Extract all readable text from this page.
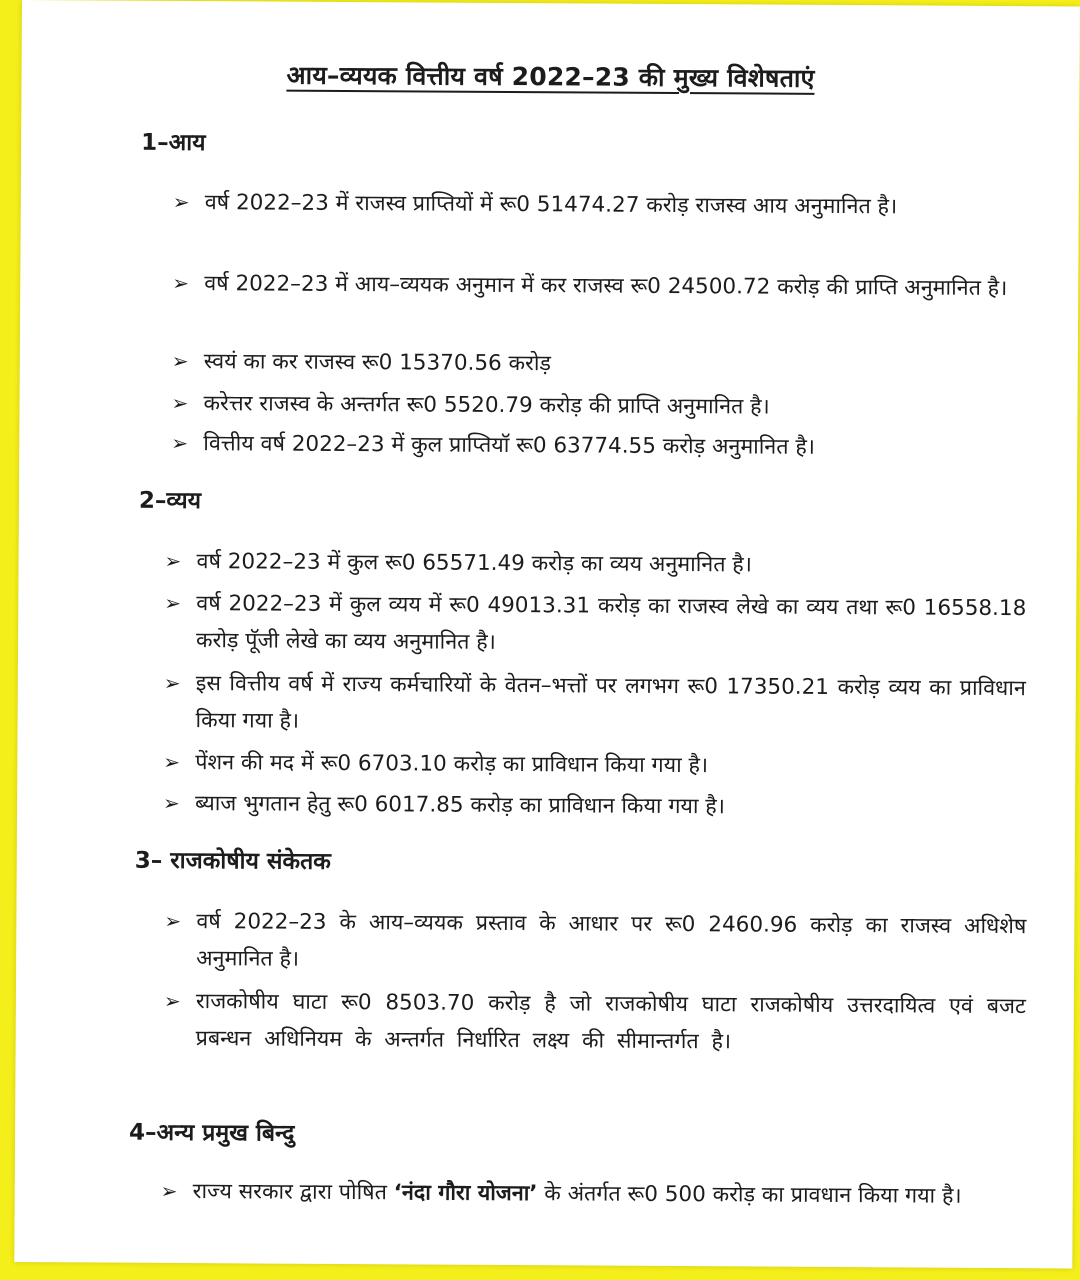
आय–व्ययक वित्तीय वर्ष 2022–23 की मुख्य विशेषताएं
1–आय
➢ वर्ष 2022–23 में राजस्व प्राप्तियों में रू0 51474.27 करोड़ राजस्व आय अनुमानित है।
➢ वर्ष 2022–23 में आय–व्ययक अनुमान में कर राजस्व रू0 24500.72 करोड़ की प्राप्ति अनुमानित है।
➢ स्वयं का कर राजस्व रू0 15370.56 करोड़
➢ करेत्तर राजस्व के अन्तर्गत रू0 5520.79 करोड़ की प्राप्ति अनुमानित है।
➢ वित्तीय वर्ष 2022–23 में कुल प्राप्तियॉ रू0 63774.55 करोड़ अनुमानित है।
2–व्यय
➢ वर्ष 2022–23 में कुल रू0 65571.49 करोड़ का व्यय अनुमानित है।
➢ वर्ष 2022–23 में कुल व्यय में रू0 49013.31 करोड़ का राजस्व लेखे का व्यय तथा रू0 16558.18 करोड़ पूॅजी लेखे का व्यय अनुमानित है।
➢ इस वित्तीय वर्ष में राज्य कर्मचारियों के वेतन–भत्तों पर लगभग रू0 17350.21 करोड़ व्यय का प्राविधान किया गया है।
➢ पेंशन की मद में रू0 6703.10 करोड़ का प्राविधान किया गया है।
➢ ब्याज भुगतान हेतु रू0 6017.85 करोड़ का प्राविधान किया गया है।
3– राजकोषीय संकेतक
➢ वर्ष 2022–23 के आय–व्ययक प्रस्ताव के आधार पर रू0 2460.96 करोड़ का राजस्व अधिशेष अनुमानित है।
➢ राजकोषीय घाटा रू0 8503.70 करोड़ है जो राजकोषीय घाटा राजकोषीय उत्तरदायित्व एवं बजट प्रबन्धन अधिनियम के अन्तर्गत निर्धारित लक्ष्य की सीमान्तर्गत है।
4–अन्य प्रमुख बिन्दु
➢ राज्य सरकार द्वारा पोषित ‘नंदा गौरा योजना’ के अंतर्गत रू0 500 करोड़ का प्रावधान किया गया है।
